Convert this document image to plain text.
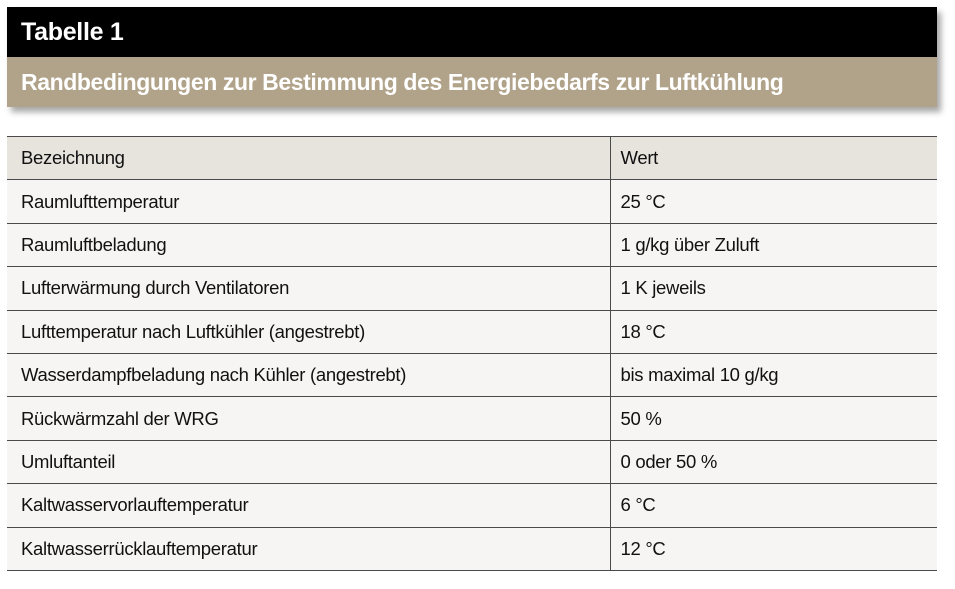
Tabelle 1
Randbedingungen zur Bestimmung des Energiebedarfs zur Luftkühlung
Bezeichnung	Wert
Raumlufttemperatur	25 °C
Raumluftbeladung	1 g/kg über Zuluft
Lufterwärmung durch Ventilatoren	1 K jeweils
Lufttemperatur nach Luftkühler (angestrebt)	18 °C
Wasserdampfbeladung nach Kühler (angestrebt)	bis maximal 10 g/kg
Rückwärmzahl der WRG	50 %
Umluftanteil	0 oder 50 %
Kaltwasservorlauftemperatur	6 °C
Kaltwasserrücklauftemperatur	12 °C
